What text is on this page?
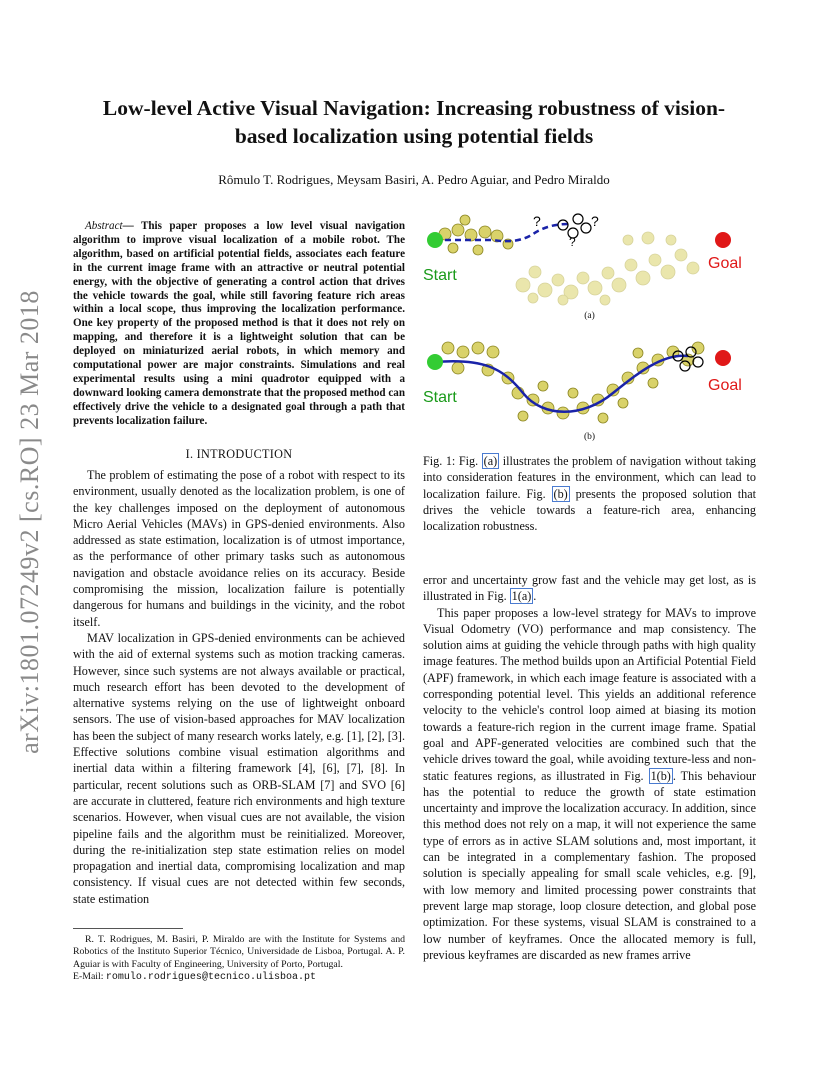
arXiv:1801.07249v2 [cs.RO] 23 Mar 2018
Low-level Active Visual Navigation: Increasing robustness of vision-based localization using potential fields
Rômulo T. Rodrigues, Meysam Basiri, A. Pedro Aguiar, and Pedro Miraldo
Abstract— This paper proposes a low level visual navigation algorithm to improve visual localization of a mobile robot. The algorithm, based on artificial potential fields, associates each feature in the current image frame with an attractive or neutral potential energy, with the objective of generating a control action that drives the vehicle towards the goal, while still favoring feature rich areas within a local scope, thus improving the localization performance. One key property of the proposed method is that it does not rely on mapping, and therefore it is a lightweight solution that can be deployed on miniaturized aerial robots, in which memory and computational power are major constraints. Simulations and real experimental results using a mini quadrotor equipped with a downward looking camera demonstrate that the proposed method can effectively drive the vehicle to a designated goal through a path that prevents localization failure.
I. INTRODUCTION

The problem of estimating the pose of a robot with respect to its environment, usually denoted as the localization problem, is one of the key challenges imposed on the deployment of autonomous Micro Aerial Vehicles (MAVs) in GPS-denied environments. Also addressed as state estimation, localization is of utmost importance, as the performance of other primary tasks such as autonomous navigation and obstacle avoidance relies on its accuracy. Beside compromising the mission, localization failure is potentially dangerous for humans and buildings in the vicinity, and the robot itself.

MAV localization in GPS-denied environments can be achieved with the aid of external systems such as motion tracking cameras. However, since such systems are not always available or practical, much research effort has been devoted to the development of alternative systems relying on the use of lightweight onboard sensors. The use of vision-based approaches for MAV localization has been the subject of many research works lately, e.g. [1], [2], [3]. Effective solutions combine visual estimation algorithms and inertial data within a filtering framework [4], [6], [7], [8]. In particular, recent solutions such as ORB-SLAM [7] and SVO [6] are accurate in cluttered, feature rich environments and high texture scenarios. However, when visual cues are not available, the vision pipeline fails and the algorithm must be reinitialized. Moreover, during the re-initialization step state estimation relies on model propagation and inertial data, compromising localization and map consistency. If visual cues are not detected within few seconds, state estimation

R. T. Rodrigues, M. Basiri, P. Miraldo are with the Institute for Systems and Robotics of the Instituto Superior Técnico, Universidade de Lisboa, Portugal. A. P. Aguiar is with Faculty of Engineering, University of Porto, Portugal.
E-Mail: romulo.rodrigues@tecnico.ulisboa.pt
Start
Goal
?	?
?
(a)
Start
Goal
(b)
Fig. 1: Fig. (a) illustrates the problem of navigation without taking into consideration features in the environment, which can lead to localization failure. Fig. (b) presents the proposed solution that drives the vehicle towards a feature-rich area, enhancing localization robustness.

error and uncertainty grow fast and the vehicle may get lost, as is illustrated in Fig. 1(a) .

This paper proposes a low-level strategy for MAVs to improve Visual Odometry (VO) performance and map consistency. The solution aims at guiding the vehicle through paths with high quality image features. The method builds upon an Artificial Potential Field (APF) framework, in which each image feature is associated with a corresponding potential level. This yields an additional reference velocity to the vehicle's control loop aimed at biasing its motion towards a feature-rich region in the current image frame. Spatial goal and APF-generated velocities are combined such that the vehicle drives toward the goal, while avoiding texture-less and non-static features regions, as illustrated in Fig. 1(b) . This behaviour has the potential to reduce the growth of state estimation uncertainty and improve the localization accuracy. In addition, since this method does not rely on a map, it will not experience the same type of errors as in active SLAM solutions and, most important, it can be integrated in a complementary fashion. The proposed solution is specially appealing for small scale vehicles, e.g. [9], with low memory and limited processing power constraints that prevent large map storage, loop closure detection, and global pose optimization. For these systems, visual SLAM is constrained to a low number of keyframes. Once the allocated memory is full, previous keyframes are discarded as new frames arrive
